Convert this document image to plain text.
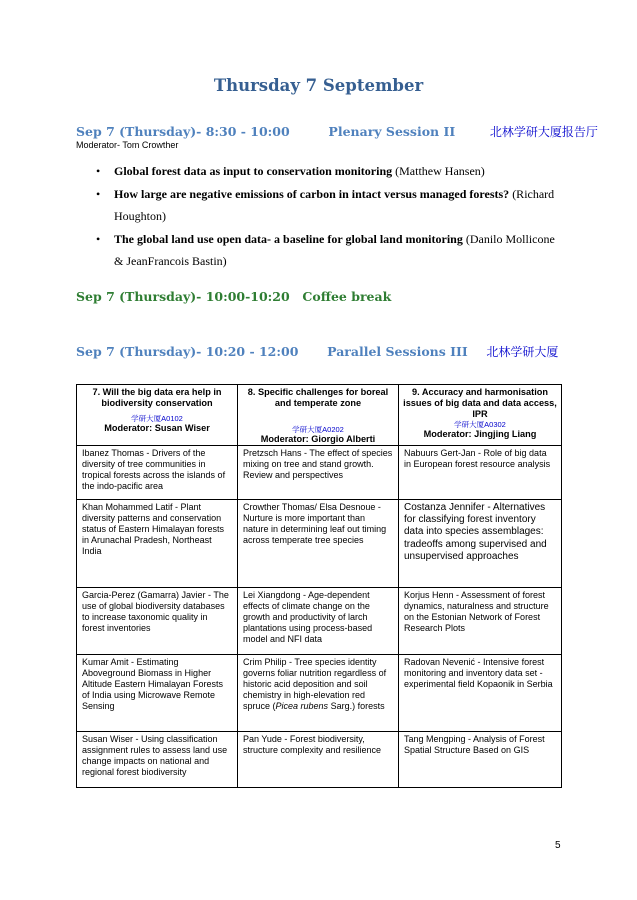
Thursday 7 September
Sep 7 (Thursday)- 8:30 - 10:00	Plenary Session II	北林学研大厦报告厅
Moderator- Tom Crowther
• Global forest data as input to conservation monitoring (Matthew Hansen)
• How large are negative emissions of carbon in intact versus managed forests? (Richard Houghton)
• The global land use open data- a baseline for global land monitoring (Danilo Mollicone & JeanFrancois Bastin)
Sep 7 (Thursday)- 10:00-10:20 Coffee break
Sep 7 (Thursday)- 10:20 - 12:00 Parallel Sessions III 北林学研大厦
7. Will the big data era help in biodiversity conservation
学研大厦A0102
Moderator: Susan Wiser	8. Specific challenges for boreal and temperate zone
学研大厦A0202
Moderator: Giorgio Alberti	9. Accuracy and harmonisation issues of big data and data access, IPR
学研大厦A0302
Moderator: Jingjing Liang

Ibanez Thomas - Drivers of the diversity of tree communities in tropical forests across the islands of the indo-pacific area	Pretzsch Hans - The effect of species mixing on tree and stand growth. Review and perspectives	Nabuurs Gert-Jan - Role of big data in European forest resource analysis
Khan Mohammed Latif - Plant diversity patterns and conservation status of Eastern Himalayan forests in Arunachal Pradesh, Northeast India	Crowther Thomas/ Elsa Desnoue - Nurture is more important than nature in determining leaf out timing across temperate tree species	Costanza Jennifer - Alternatives for classifying forest inventory data into species assemblages: tradeoffs among supervised and unsupervised approaches
Garcia-Perez (Gamarra) Javier - The use of global biodiversity databases to increase taxonomic quality in forest inventories	Lei Xiangdong - Age-dependent effects of climate change on the growth and productivity of larch plantations using process-based model and NFI data	Korjus Henn - Assessment of forest dynamics, naturalness and structure on the Estonian Network of Forest Research Plots
Kumar Amit - Estimating Aboveground Biomass in Higher Altitude Eastern Himalayan Forests of India using Microwave Remote Sensing	Crim Philip - Tree species identity governs foliar nutrition regardless of historic acid deposition and soil chemistry in high-elevation red spruce (Picea rubens Sarg.) forests	Radovan Nevenić - Intensive forest monitoring and inventory data set - experimental field Kopaonik in Serbia
Susan Wiser - Using classification assignment rules to assess land use change impacts on national and regional forest biodiversity	Pan Yude - Forest biodiversity, structure complexity and resilience	Tang Mengping - Analysis of Forest Spatial Structure Based on GIS
5
